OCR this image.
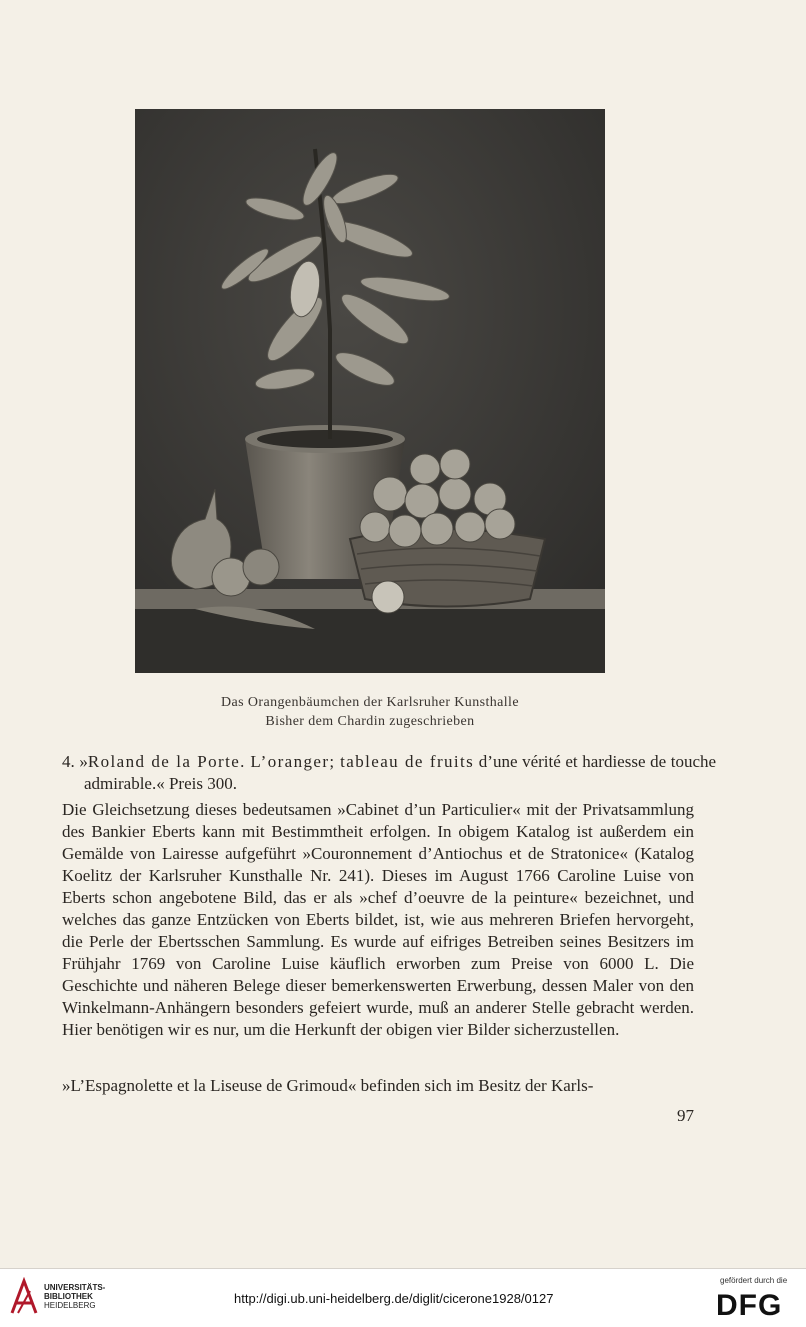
Das Orangenbäumchen der Karlsruher Kunsthalle
Bisher dem Chardin zugeschrieben
4. »Roland de la Porte. L’oranger; tableau de fruits d’une vérité et hardiesse de touche admirable.« Preis 300.
Die Gleichsetzung dieses bedeutsamen »Cabinet d’un Particulier« mit der Privatsammlung des Bankier Eberts kann mit Bestimmtheit erfolgen. In obigem Katalog ist außerdem ein Gemälde von Lairesse aufgeführt »Couronnement d’Antiochus et de Stratonice« (Katalog Koelitz der Karlsruher Kunsthalle Nr. 241). Dieses im August 1766 Caroline Luise von Eberts schon angebotene Bild, das er als »chef d’oeuvre de la peinture« bezeichnet, und welches das ganze Entzücken von Eberts bildet, ist, wie aus mehreren Briefen hervorgeht, die Perle der Ebertsschen Sammlung. Es wurde auf eifriges Betreiben seines Besitzers im Frühjahr 1769 von Caroline Luise käuflich erworben zum Preise von 6000 L. Die Geschichte und näheren Belege dieser bemerkenswerten Erwerbung, dessen Maler von den Winkelmann-Anhängern besonders gefeiert wurde, muß an anderer Stelle gebracht werden. Hier benötigen wir es nur, um die Herkunft der obigen vier Bilder sicherzustellen.
»L’Espagnolette et la Liseuse de Grimoud« befinden sich im Besitz der Karls-
97
UNIVERSITÄTS-
BIBLIOTHEK
HEIDELBERG	http://digi.ub.uni-heidelberg.de/diglit/cicerone1928/0127
gefördert durch die
DFG
